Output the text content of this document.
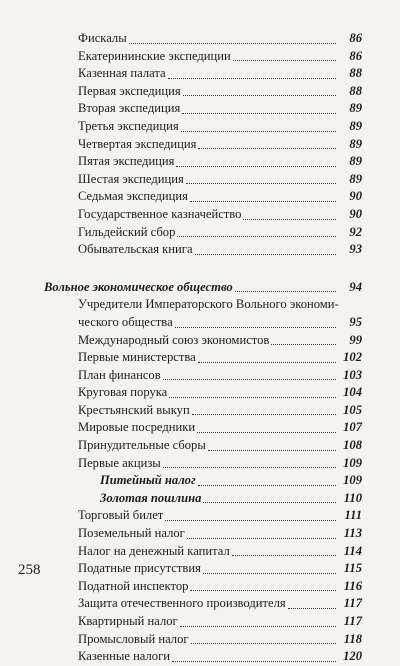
Фискалы	86
Екатерининские экспедиции	86
Казенная палата	88
Первая экспедиция	88
Вторая экспедиция	89
Третья экспедиция	89
Четвертая экспедиция	89
Пятая экспедиция	89
Шестая экспедиция	89
Седьмая экспедиция	90
Государственное казначейство	90
Гильдейский сбор	92
Обывательская книга	93
Вольное экономическое общество	94
Учредители Императорского Вольного экономи-
ческого общества	95
Международный союз экономистов	99
Первые министерства	102
План финансов	103
Круговая порука	104
Крестьянский выкуп	105
Мировые посредники	107
Принудительные сборы	108
Первые акцизы	109
Питейный налог	109
Золотая пошлина	110
Торговый билет	111
Поземельный налог	113
Налог на денежный капитал	114
Податные присутствия	115
Податной инспектор	116
Защита отечественного производителя	117
Квартирный налог	117
Промысловый налог	118
Казенные налоги	120
258
